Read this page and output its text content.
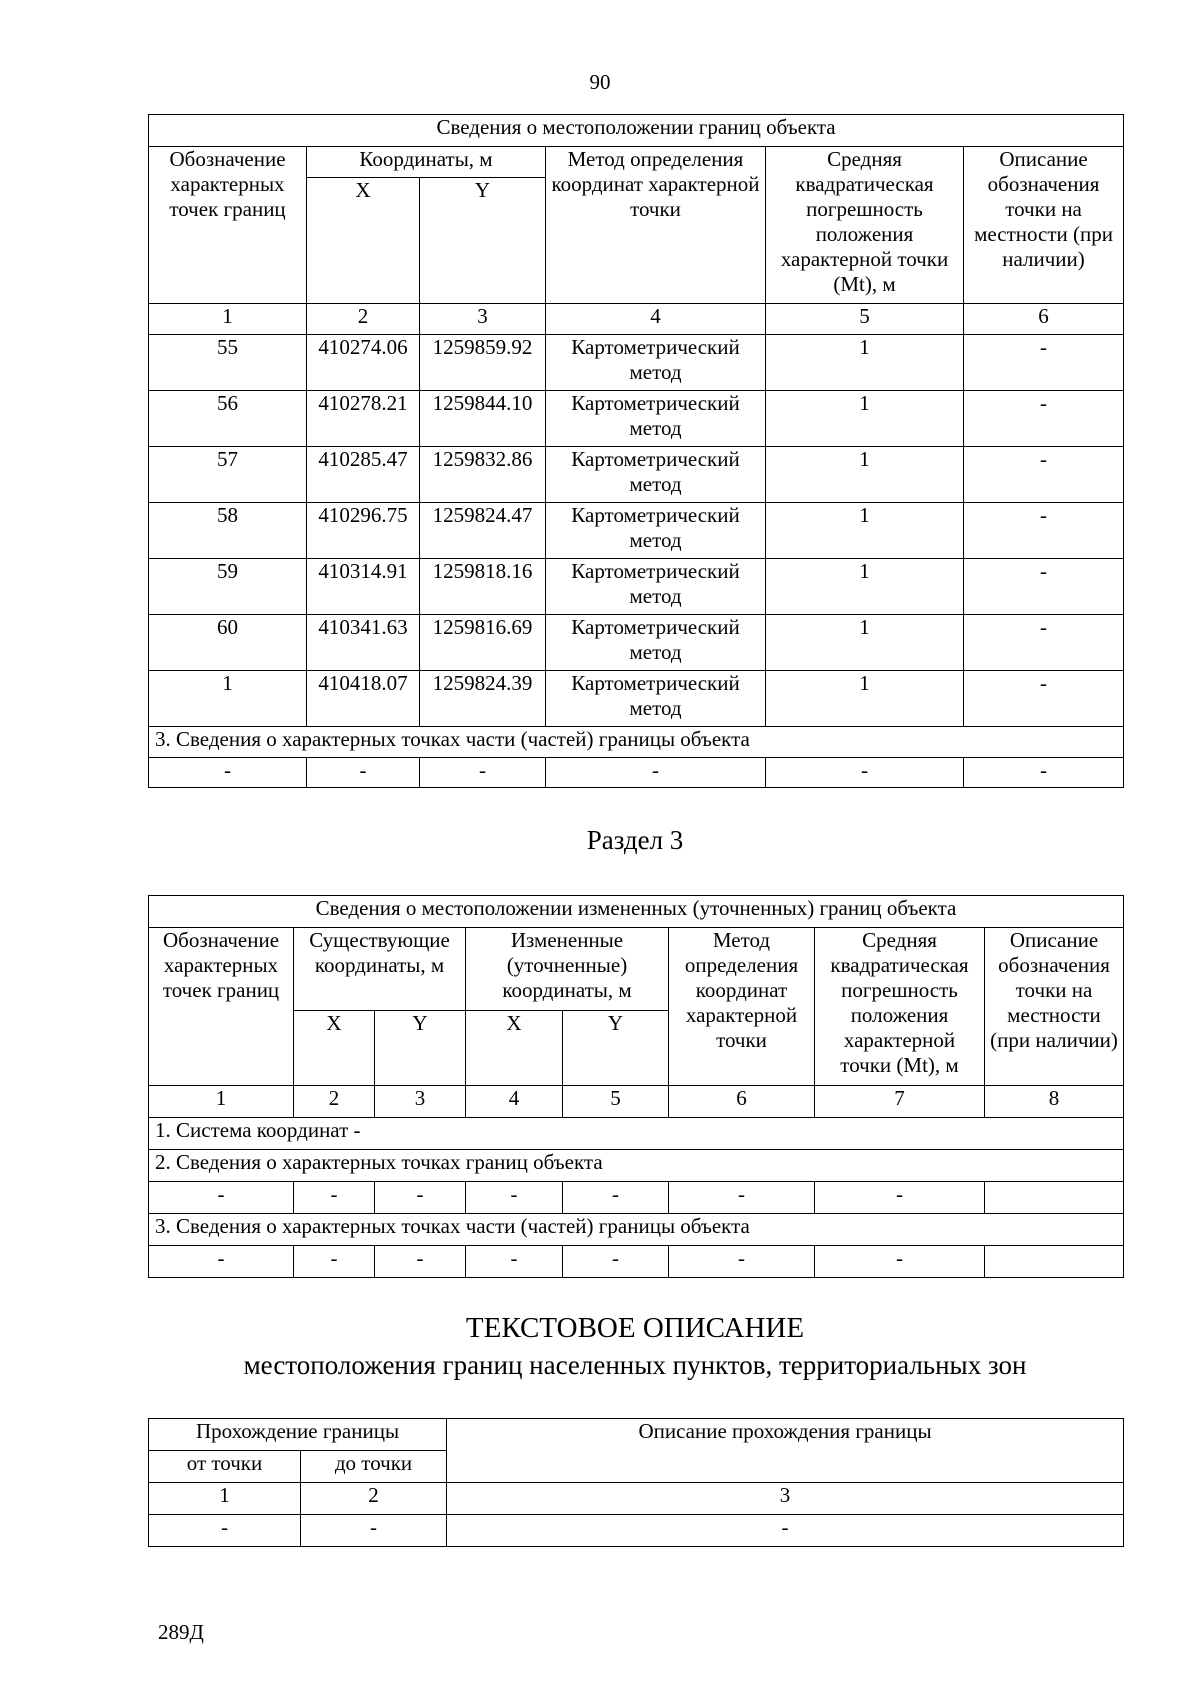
90
Сведения о местоположении границ объекта					
Обозначение характерных точек границ	Координаты, м		Метод определения координат характерной точки	Средняя квадратическая погрешность положения характерной точки (Mt), м	Описание обозначения точки на местности (при наличии)
	X	Y			
1	2	3	4	5	6
55	410274.06	1259859.92	Картометрический метод	1	-
56	410278.21	1259844.10	Картометрический метод	1	-
57	410285.47	1259832.86	Картометрический метод	1	-
58	410296.75	1259824.47	Картометрический метод	1	-
59	410314.91	1259818.16	Картометрический метод	1	-
60	410341.63	1259816.69	Картометрический метод	1	-
1	410418.07	1259824.39	Картометрический метод	1	-
3. Сведения о характерных точках части (частей) границы объекта					
-	-	-	-	-	-
Раздел 3
Сведения о местоположении измененных (уточненных) границ объекта							
Обозначение характерных точек границ	Существующие координаты, м		Измененные (уточненные) координаты, м		Метод определения координат характерной точки	Средняя квадратическая погрешность положения характерной точки (Mt), м	Описание обозначения точки на местности (при наличии)
	X	Y	X	Y			
1	2	3	4	5	6	7	8
1. Система координат -							
2. Сведения о характерных точках границ объекта							
-	-	-	-	-	-	-	
3. Сведения о характерных точках части (частей) границы объекта							
-	-	-	-	-	-	-	
ТЕКСТОВОЕ ОПИСАНИЕ
местоположения границ населенных пунктов, территориальных зон
Прохождение границы		Описание прохождения границы
от точки	до точки	
1	2	3
-	-	-
289Д
